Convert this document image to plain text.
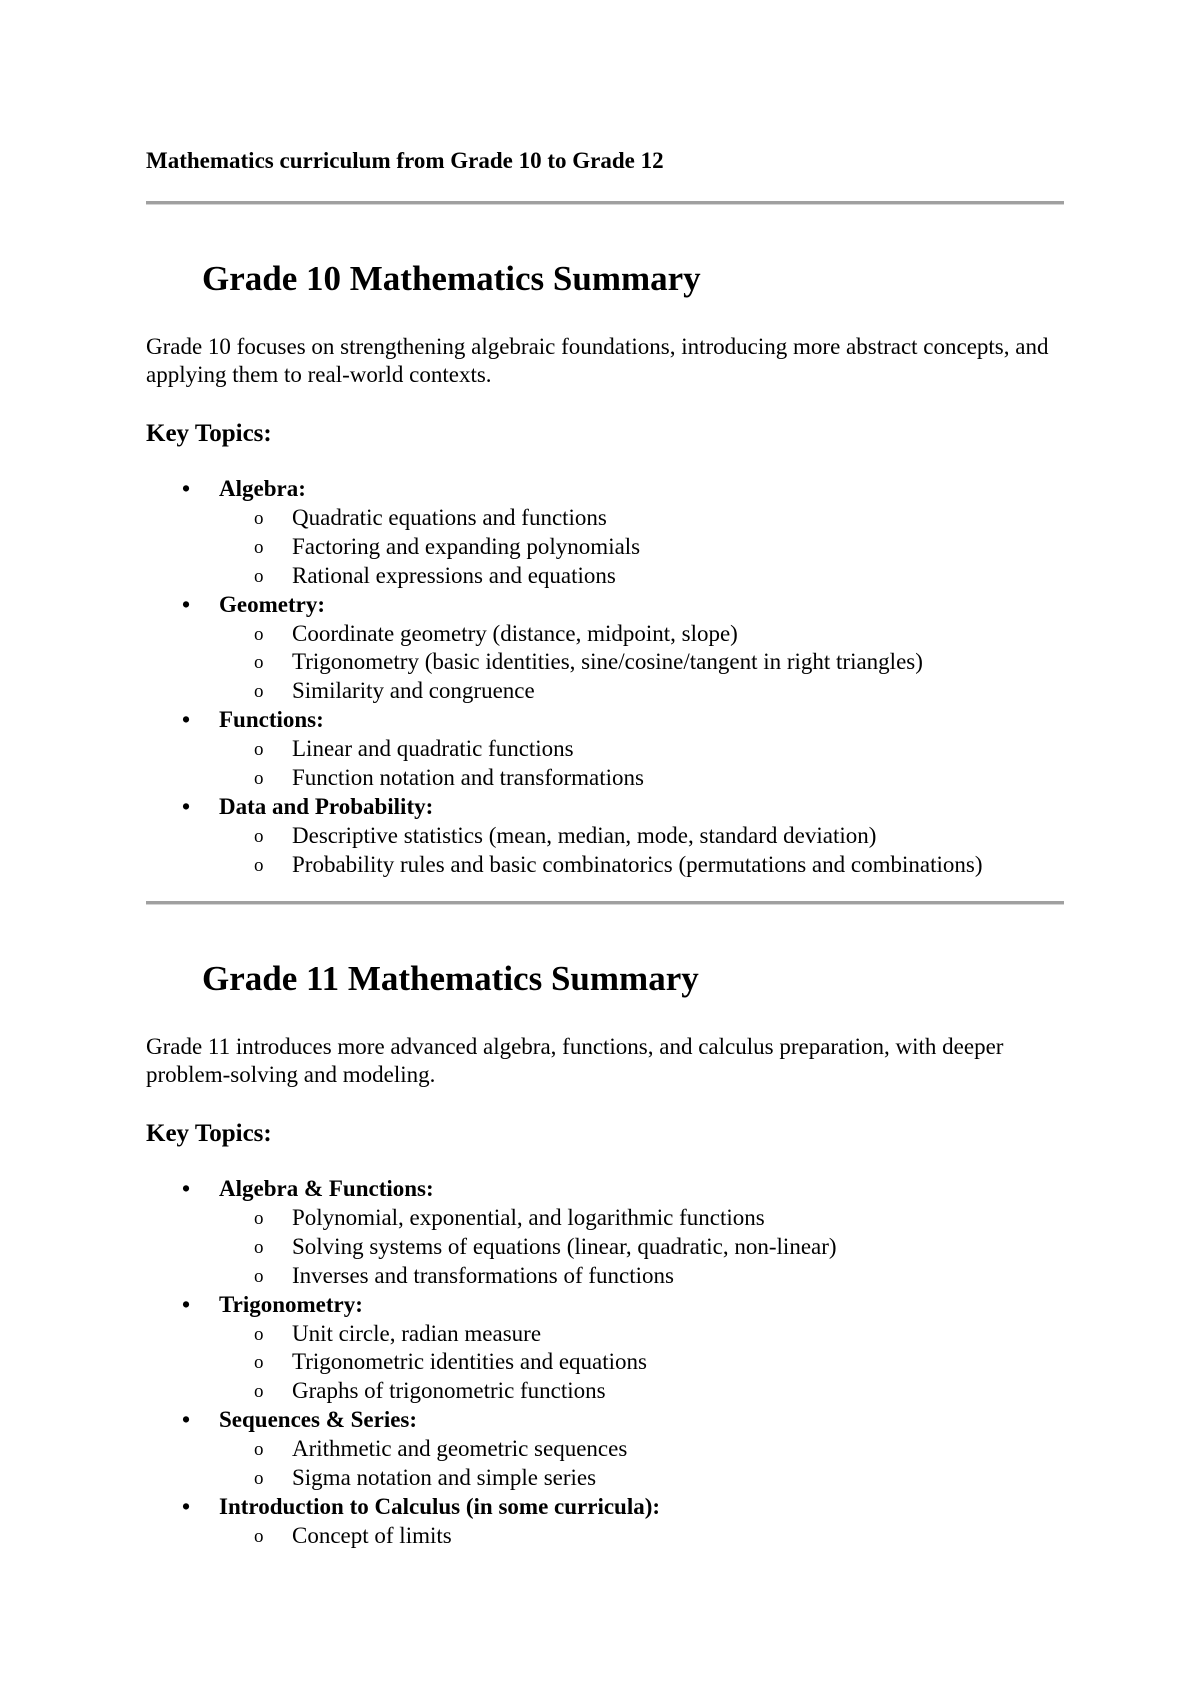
Mathematics curriculum from Grade 10 to Grade 12
Grade 10 Mathematics Summary

Grade 10 focuses on strengthening algebraic foundations, introducing more abstract concepts, and applying them to real-world contexts.

Key Topics:

• Algebra:
o Quadratic equations and functions
o Factoring and expanding polynomials
o Rational expressions and equations
• Geometry:
o Coordinate geometry (distance, midpoint, slope)
o Trigonometry (basic identities, sine/cosine/tangent in right triangles)
o Similarity and congruence
• Functions:
o Linear and quadratic functions
o Function notation and transformations
• Data and Probability:
o Descriptive statistics (mean, median, mode, standard deviation)
o Probability rules and basic combinatorics (permutations and combinations)
Grade 11 Mathematics Summary

Grade 11 introduces more advanced algebra, functions, and calculus preparation, with deeper problem-solving and modeling.

Key Topics:

• Algebra & Functions:
o Polynomial, exponential, and logarithmic functions
o Solving systems of equations (linear, quadratic, non-linear)
o Inverses and transformations of functions
• Trigonometry:
o Unit circle, radian measure
o Trigonometric identities and equations
o Graphs of trigonometric functions
• Sequences & Series:
o Arithmetic and geometric sequences
o Sigma notation and simple series
• Introduction to Calculus (in some curricula):
o Concept of limits
